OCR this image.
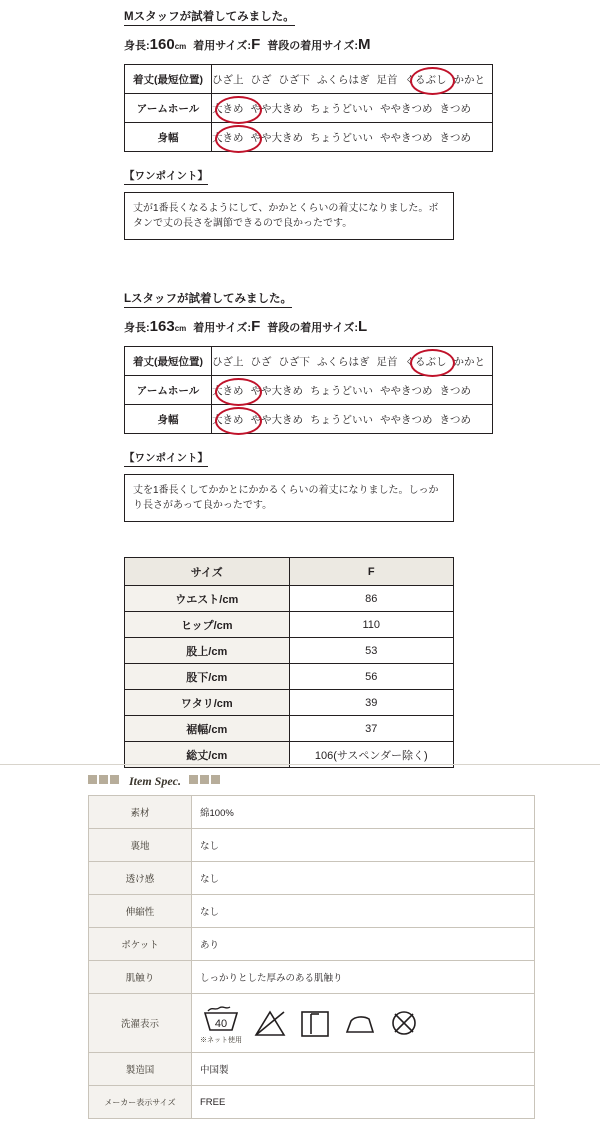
Mスタッフが試着してみました。
身長:160cm 着用サイズ:F 普段の着用サイズ:M
着丈(最短位置)	ひざ上 ひざ ひざ下 ふくらはぎ 足首 くるぶし かかと

アームホール	大きめ やや大きめ ちょうどいい ややきつめ きつめ

身幅	大きめ やや大きめ ちょうどいい ややきつめ きつめ
【ワンポイント】
丈が1番長くなるようにして、かかとくらいの着丈になりました。ボタンで丈の長さを調節できるので良かったです。
Lスタッフが試着してみました。
身長:163cm 着用サイズ:F 普段の着用サイズ:L
着丈(最短位置)	ひざ上 ひざ ひざ下 ふくらはぎ 足首 くるぶし かかと

アームホール	大きめ やや大きめ ちょうどいい ややきつめ きつめ

身幅	大きめ やや大きめ ちょうどいい ややきつめ きつめ
【ワンポイント】
丈を1番長くしてかかとにかかるくらいの着丈になりました。しっかり長さがあって良かったです。
サイズ	F
ウエスト/cm	86
ヒップ/cm	110
股上/cm	53
股下/cm	56
ワタリ/cm	39
裾幅/cm	37
総丈/cm	106(サスペンダー除く)
Item Spec.
素材	綿100%
裏地	なし
透け感	なし
伸縮性	なし
ポケット	あり
肌触り	しっかりとした厚みのある肌触り
洗濯表示	40
※ネット使用

製造国	中国製
メーカー表示サイズ	FREE
